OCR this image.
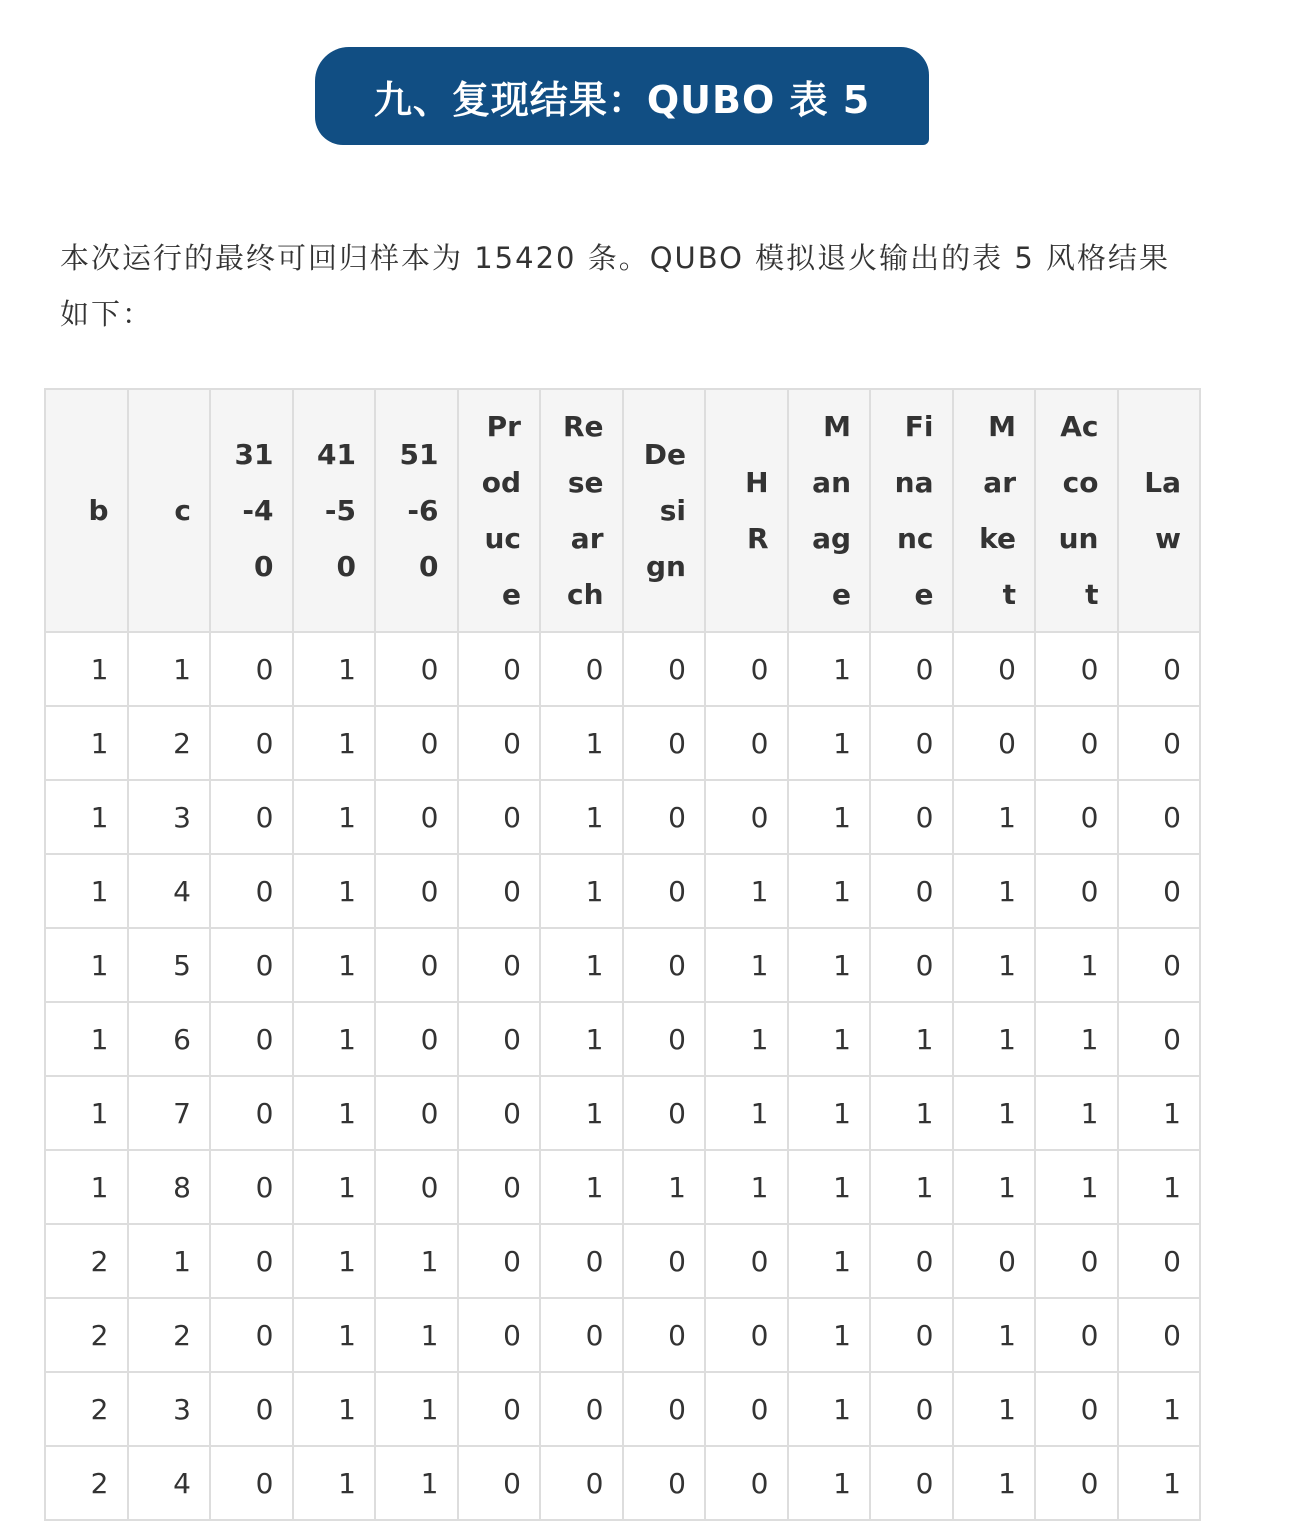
九、复现结果：QUBO 表 5

本次运行的最终可回归样本为 15420 条。QUBO 模拟退火输出的表 5 风格结果如下：

b	c	31-40	41-50	51-60	Produce	Research	Design	HR	Manage	Finance	Market	Account	Law
1	1	0	1	0	0	0	0	0	1	0	0	0	0
1	2	0	1	0	0	1	0	0	1	0	0	0	0
1	3	0	1	0	0	1	0	0	1	0	1	0	0
1	4	0	1	0	0	1	0	1	1	0	1	0	0
1	5	0	1	0	0	1	0	1	1	0	1	1	0
1	6	0	1	0	0	1	0	1	1	1	1	1	0
1	7	0	1	0	0	1	0	1	1	1	1	1	1
1	8	0	1	0	0	1	1	1	1	1	1	1	1
2	1	0	1	1	0	0	0	0	1	0	0	0	0
2	2	0	1	1	0	0	0	0	1	0	1	0	0
2	3	0	1	1	0	0	0	0	1	0	1	0	1
2	4	0	1	1	0	0	0	0	1	0	1	0	1
